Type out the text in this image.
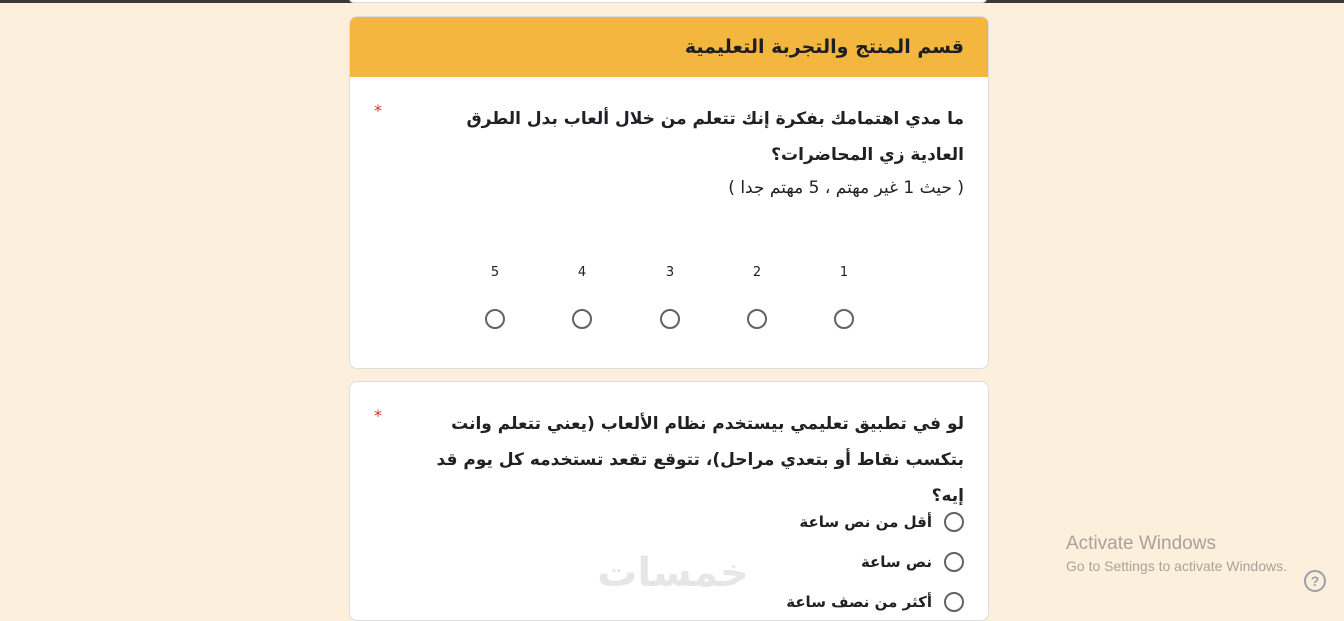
قسم المنتج والتجربة التعليمية
*	ما مدي اهتمامك بفكرة إنك تتعلم من خلال ألعاب بدل الطرق العادية زي المحاضرات؟
( حيث 1 غير مهتم ، 5 مهتم جدا )
1
2
3
4
5
*	لو في تطبيق تعليمي بيستخدم نظام الألعاب (يعني تتعلم وانت بتكسب نقاط أو بتعدي مراحل)، تتوقع تقعد تستخدمه كل يوم قد إيه؟
أقل من نص ساعة
نص ساعة
أكثر من نصف ساعة
خمسات
Activate Windows
Go to Settings to activate Windows.
?
